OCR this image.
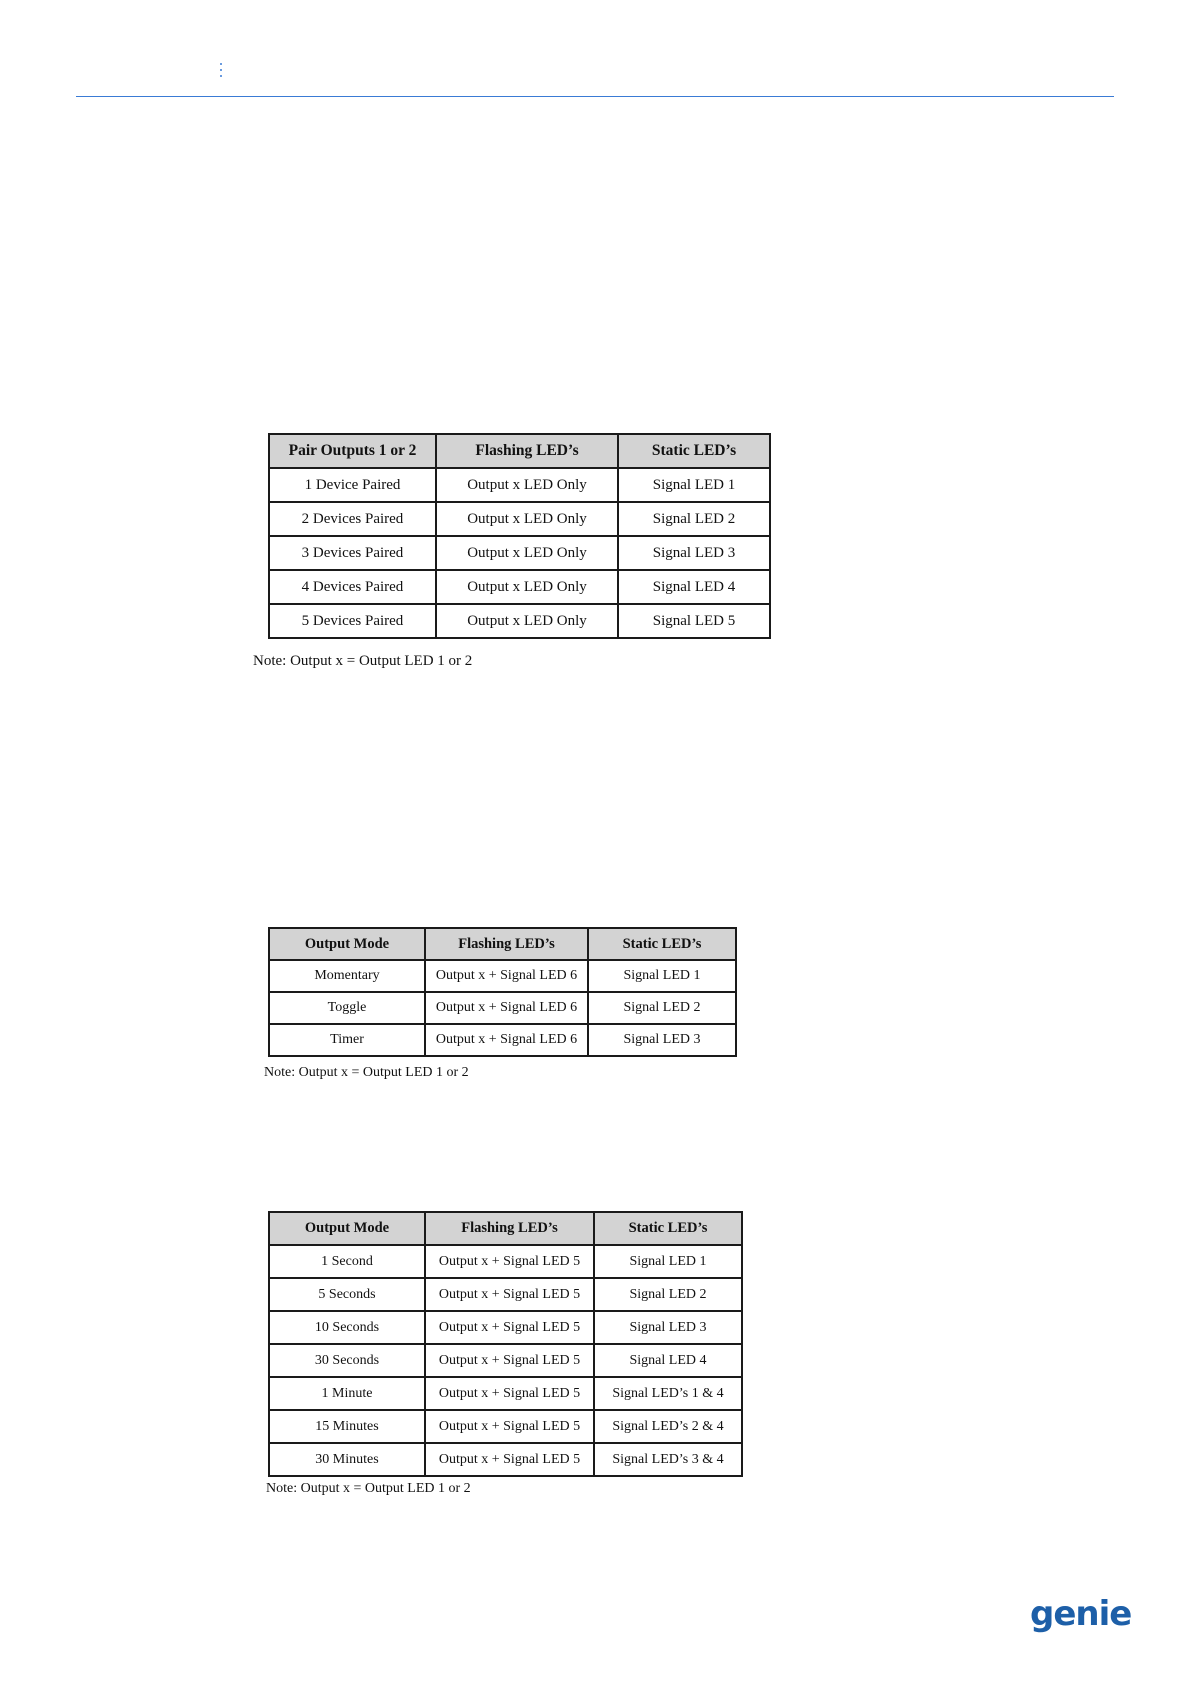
Pair Outputs 1 or 2	Flashing LED’s	Static LED’s
1 Device Paired	Output x LED Only	Signal LED 1
2 Devices Paired	Output x LED Only	Signal LED 2
3 Devices Paired	Output x LED Only	Signal LED 3
4 Devices Paired	Output x LED Only	Signal LED 4
5 Devices Paired	Output x LED Only	Signal LED 5
Note: Output x = Output LED 1 or 2
Output Mode	Flashing LED’s	Static LED’s
Momentary	Output x + Signal LED 6	Signal LED 1
Toggle	Output x + Signal LED 6	Signal LED 2
Timer	Output x + Signal LED 6	Signal LED 3
Note: Output x = Output LED 1 or 2
Output Mode	Flashing LED’s	Static LED’s
1 Second	Output x + Signal LED 5	Signal LED 1
5 Seconds	Output x + Signal LED 5	Signal LED 2
10 Seconds	Output x + Signal LED 5	Signal LED 3
30 Seconds	Output x + Signal LED 5	Signal LED 4
1 Minute	Output x + Signal LED 5	Signal LED’s 1 & 4
15 Minutes	Output x + Signal LED 5	Signal LED’s 2 & 4
30 Minutes	Output x + Signal LED 5	Signal LED’s 3 & 4
Note: Output x = Output LED 1 or 2
genie
